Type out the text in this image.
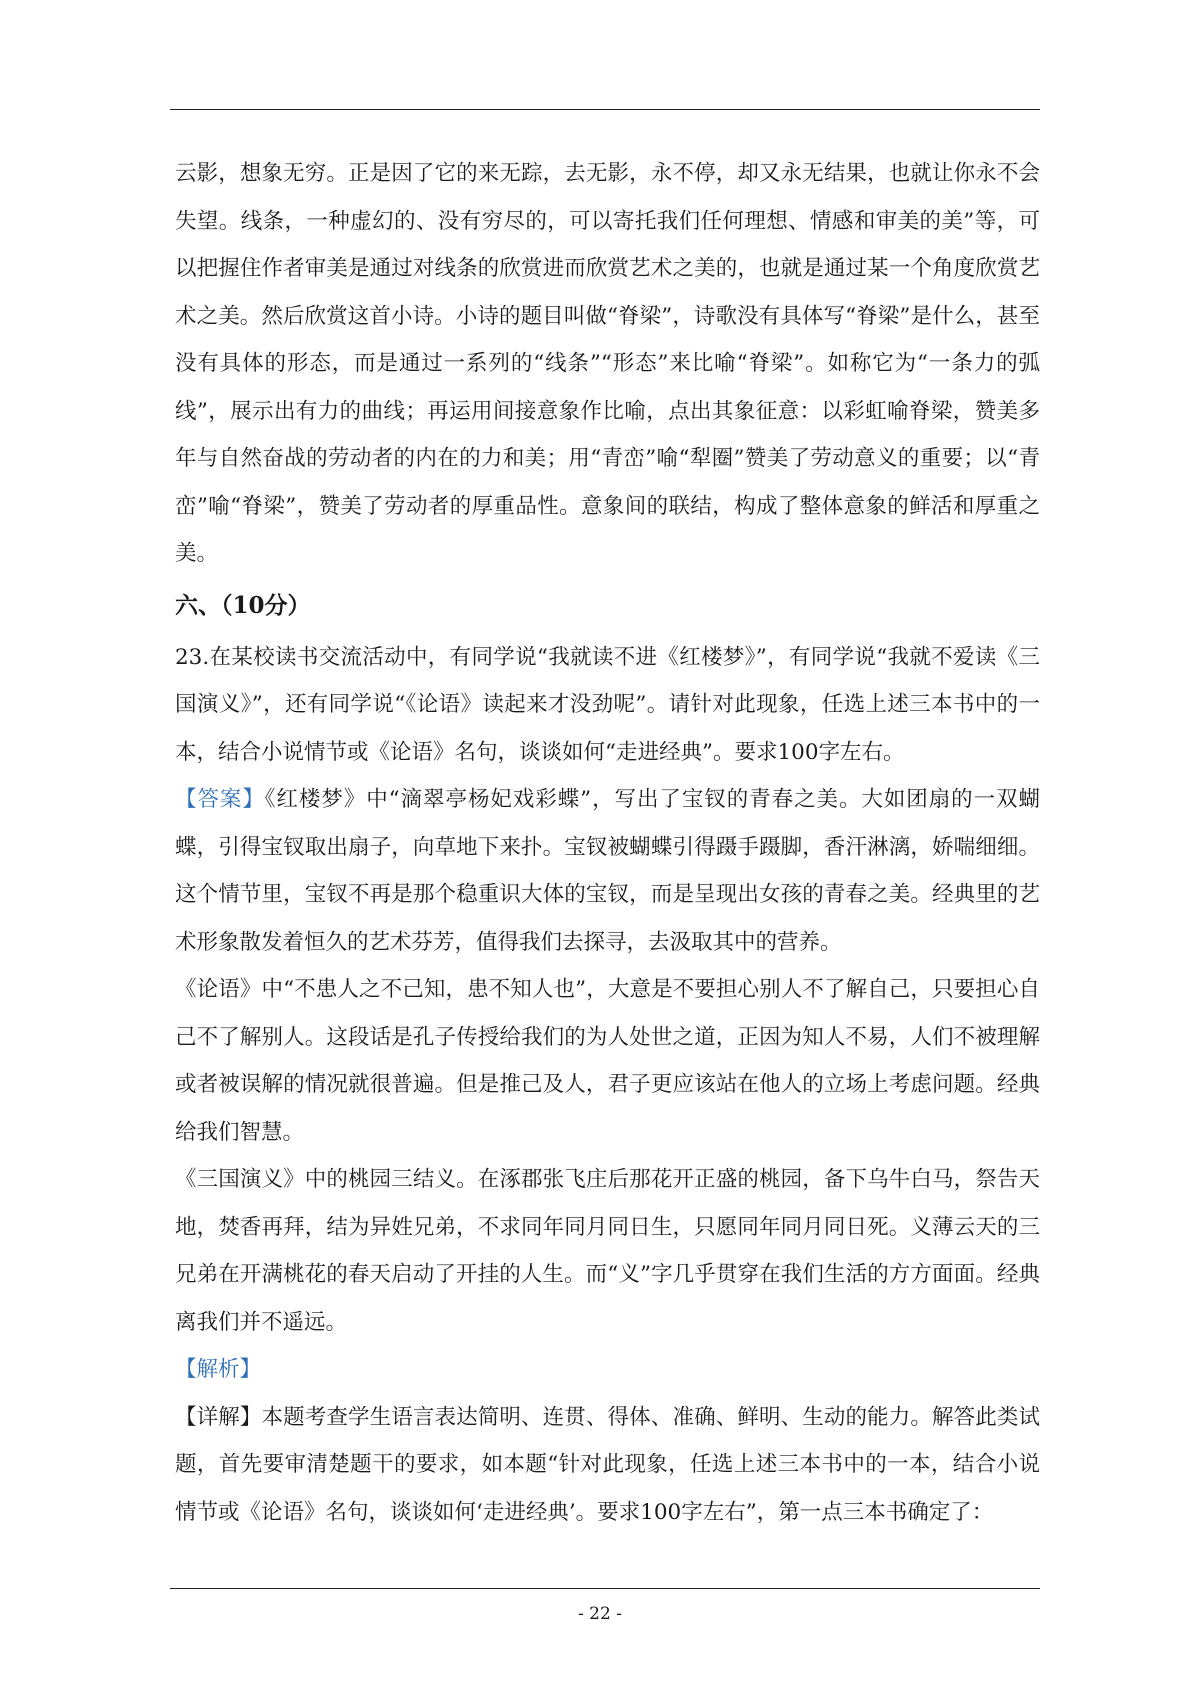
云影，想象无穷。正是因了它的来无踪，去无影，永不停，却又永无结果，也就让你永不会失望。线条，一种虚幻的、没有穷尽的，可以寄托我们任何理想、情感和审美的美”等，可以把握住作者审美是通过对线条的欣赏进而欣赏艺术之美的，也就是通过某一个角度欣赏艺术之美。然后欣赏这首小诗。小诗的题目叫做“脊梁”，诗歌没有具体写“脊梁”是什么，甚至没有具体的形态，而是通过一系列的“线条”“形态”来比喻“脊梁”。如称它为“一条力的弧线”，展示出有力的曲线；再运用间接意象作比喻，点出其象征意：以彩虹喻脊梁，赞美多年与自然奋战的劳动者的内在的力和美；用“青峦”喻“犁圈”赞美了劳动意义的重要；以“青峦”喻“脊梁”，赞美了劳动者的厚重品性。意象间的联结，构成了整体意象的鲜活和厚重之美。

六、（10分）

23.在某校读书交流活动中，有同学说“我就读不进《红楼梦》”，有同学说“我就不爱读《三国演义》”，还有同学说“《论语》读起来才没劲呢”。请针对此现象，任选上述三本书中的一本，结合小说情节或《论语》名句，谈谈如何“走进经典”。要求100字左右。

【答案】《红楼梦》中“滴翠亭杨妃戏彩蝶”，写出了宝钗的青春之美。大如团扇的一双蝴蝶，引得宝钗取出扇子，向草地下来扑。宝钗被蝴蝶引得蹑手蹑脚，香汗淋漓，娇喘细细。这个情节里，宝钗不再是那个稳重识大体的宝钗，而是呈现出女孩的青春之美。经典里的艺术形象散发着恒久的艺术芬芳，值得我们去探寻，去汲取其中的营养。

《论语》中“不患人之不己知，患不知人也”，大意是不要担心别人不了解自己，只要担心自己不了解别人。这段话是孔子传授给我们的为人处世之道，正因为知人不易，人们不被理解或者被误解的情况就很普遍。但是推己及人，君子更应该站在他人的立场上考虑问题。经典给我们智慧。

《三国演义》中的桃园三结义。在涿郡张飞庄后那花开正盛的桃园，备下乌牛白马，祭告天地，焚香再拜，结为异姓兄弟，不求同年同月同日生，只愿同年同月同日死。义薄云天的三兄弟在开满桃花的春天启动了开挂的人生。而“义”字几乎贯穿在我们生活的方方面面。经典离我们并不遥远。

【解析】

【详解】本题考查学生语言表达简明、连贯、得体、准确、鲜明、生动的能力。解答此类试题，首先要审清楚题干的要求，如本题“针对此现象，任选上述三本书中的一本，结合小说情节或《论语》名句，谈谈如何‘走进经典’。要求100字左右”，第一点三本书确定了：

- 22 -
